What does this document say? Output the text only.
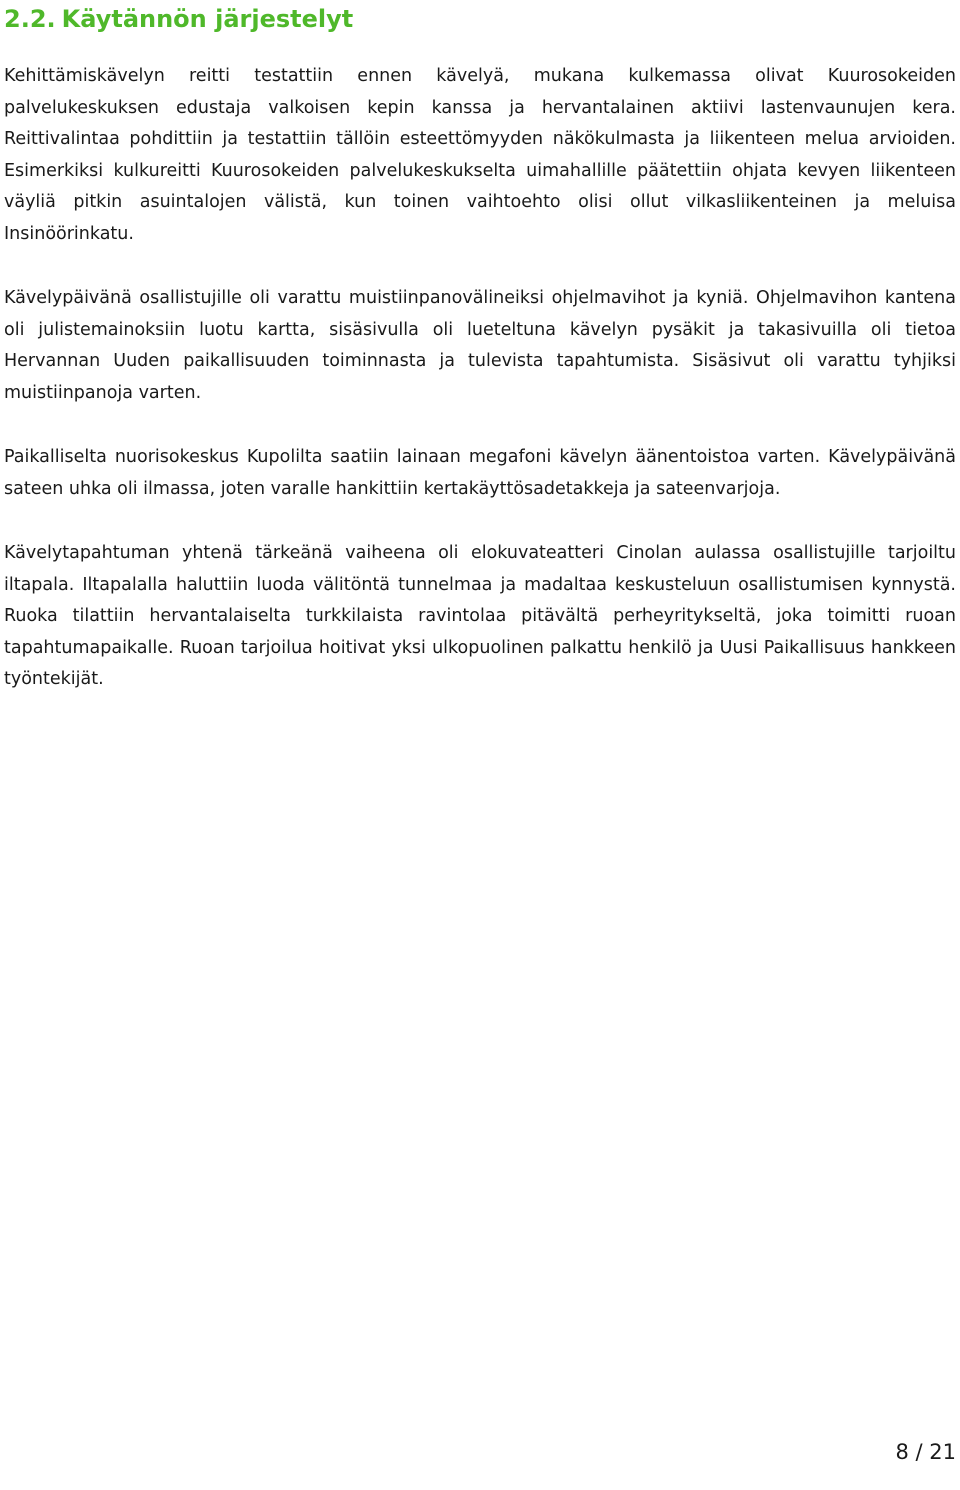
2.2. Käytännön järjestelyt

Kehittämiskävelyn reitti testattiin ennen kävelyä, mukana kulkemassa olivat Kuurosokeiden palvelukeskuksen edustaja valkoisen kepin kanssa ja hervantalainen aktiivi lastenvaunujen kera. Reittivalintaa pohdittiin ja testattiin tällöin esteettömyyden näkökulmasta ja liikenteen melua arvioiden. Esimerkiksi kulkureitti Kuurosokeiden palvelukeskukselta uimahallille päätettiin ohjata kevyen liikenteen väyliä pitkin asuintalojen välistä, kun toinen vaihtoehto olisi ollut vilkasliikenteinen ja meluisa Insinöörinkatu.

Kävelypäivänä osallistujille oli varattu muistiinpanovälineiksi ohjelmavihot ja kyniä. Ohjelmavihon kantena oli julistemainoksiin luotu kartta, sisäsivulla oli lueteltuna kävelyn pysäkit ja takasivuilla oli tietoa Hervannan Uuden paikallisuuden toiminnasta ja tulevista tapahtumista. Sisäsivut oli varattu tyhjiksi muistiinpanoja varten.

Paikalliselta nuorisokeskus Kupolilta saatiin lainaan megafoni kävelyn äänentoistoa varten. Kävelypäivänä sateen uhka oli ilmassa, joten varalle hankittiin kertakäyttösadetakkeja ja sateenvarjoja.

Kävelytapahtuman yhtenä tärkeänä vaiheena oli elokuvateatteri Cinolan aulassa osallistujille tarjoiltu iltapala. Iltapalalla haluttiin luoda välitöntä tunnelmaa ja madaltaa keskusteluun osallistumisen kynnystä. Ruoka tilattiin hervantalaiselta turkkilaista ravintolaa pitävältä perheyritykseltä, joka toimitti ruoan tapahtumapaikalle. Ruoan tarjoilua hoitivat yksi ulkopuolinen palkattu henkilö ja Uusi Paikallisuus hankkeen työntekijät.

8 / 21
